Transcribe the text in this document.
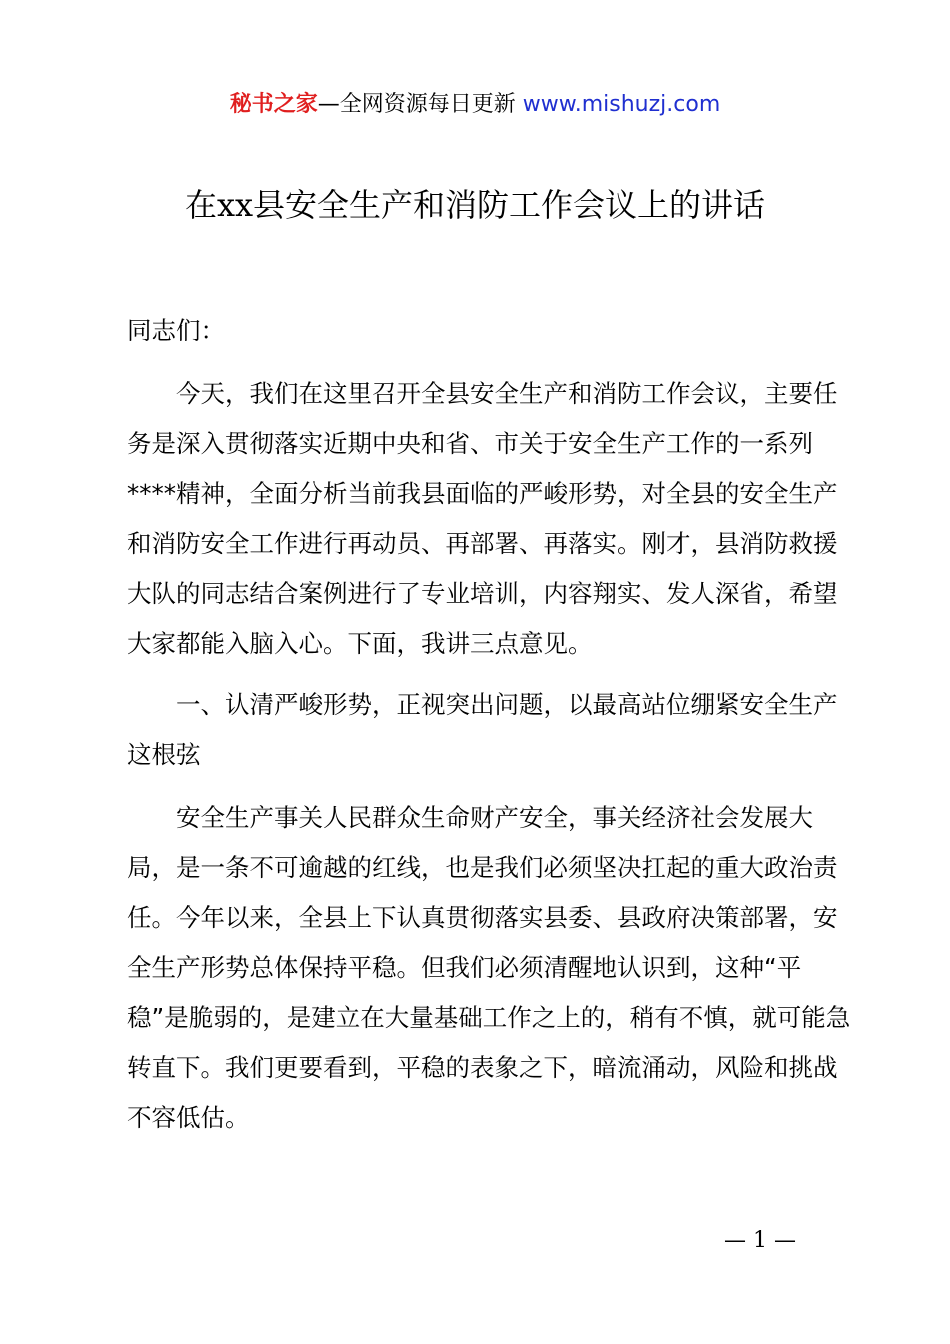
秘书之家—全网资源每日更新 www.mishuzj.com
在xx县安全生产和消防工作会议上的讲话

同志们：

今天，我们在这里召开全县安全生产和消防工作会议，主要任务是深入贯彻落实近期中央和省、市关于安全生产工作的一系列****精神，全面分析当前我县面临的严峻形势，对全县的安全生产和消防安全工作进行再动员、再部署、再落实。刚才，县消防救援大队的同志结合案例进行了专业培训，内容翔实、发人深省，希望大家都能入脑入心。下面，我讲三点意见。

一、认清严峻形势，正视突出问题，以最高站位绷紧安全生产这根弦

安全生产事关人民群众生命财产安全，事关经济社会发展大局，是一条不可逾越的红线，也是我们必须坚决扛起的重大政治责任。今年以来，全县上下认真贯彻落实县委、县政府决策部署，安全生产形势总体保持平稳。但我们必须清醒地认识到，这种“平稳”是脆弱的，是建立在大量基础工作之上的，稍有不慎，就可能急转直下。我们更要看到，平稳的表象之下，暗流涌动，风险和挑战不容低估。

— 1 —
